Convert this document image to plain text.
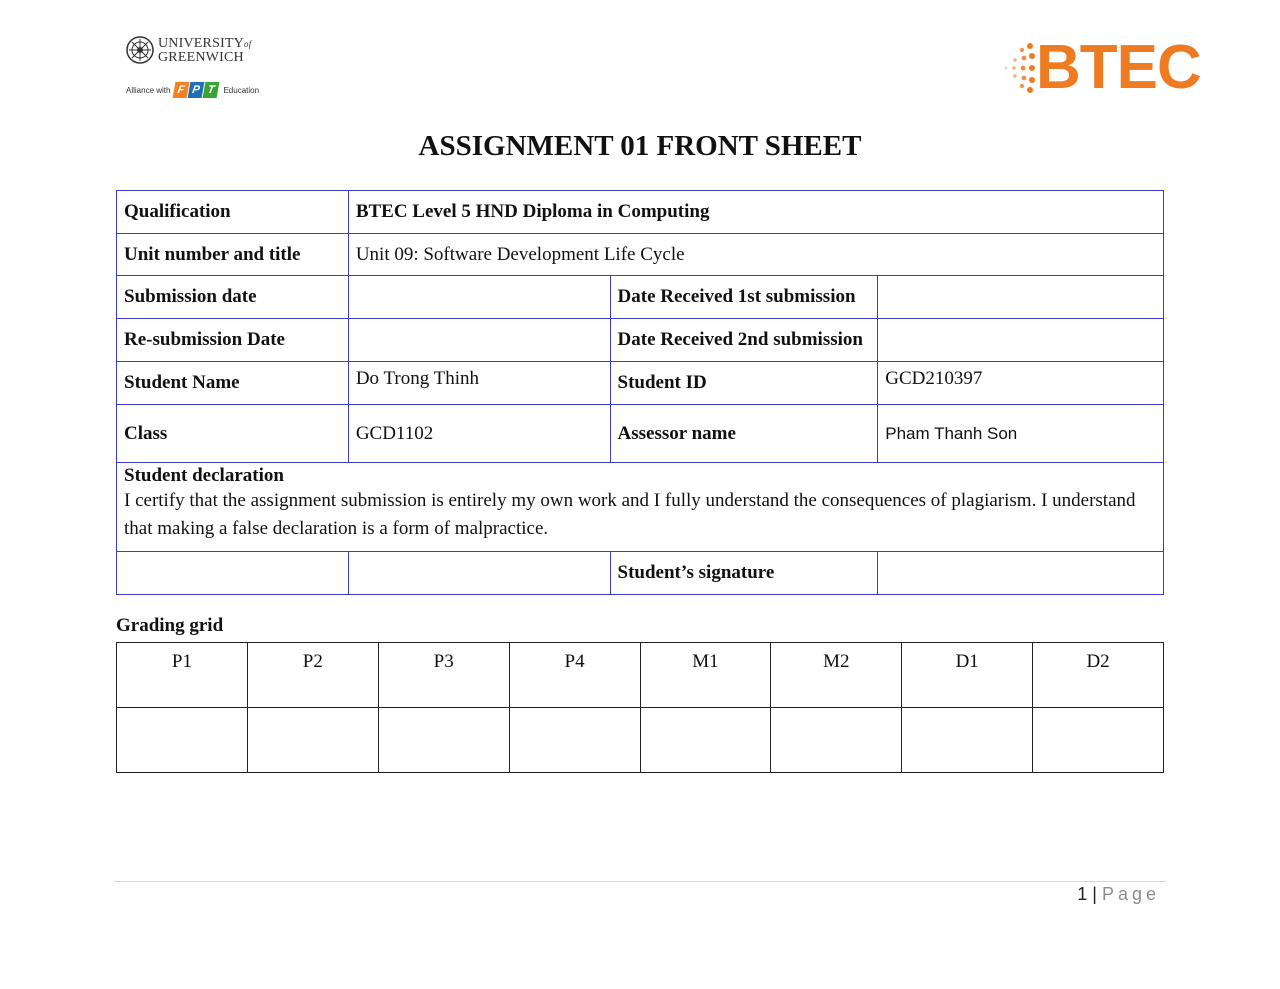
UNIVERSITYof
GREENWICH
Alliance with F P T Education	BTEC
ASSIGNMENT 01 FRONT SHEET
Qualification	BTEC Level 5 HND Diploma in Computing		
Unit number and title	Unit 09: Software Development Life Cycle		
Submission date		Date Received 1st submission	
Re-submission Date		Date Received 2nd submission	
Student Name	Do Trong Thinh	Student ID	GCD210397
Class	GCD1102	Assessor name	Pham Thanh Son

Student declaration
I certify that the assignment submission is entirely my own work and I fully understand the consequences of plagiarism. I understand that making a false declaration is a form of malpractice.			

		Student’s signature	
Grading grid
P1	P2	P3	P4	M1	M2	D1	D2

1 | Page
